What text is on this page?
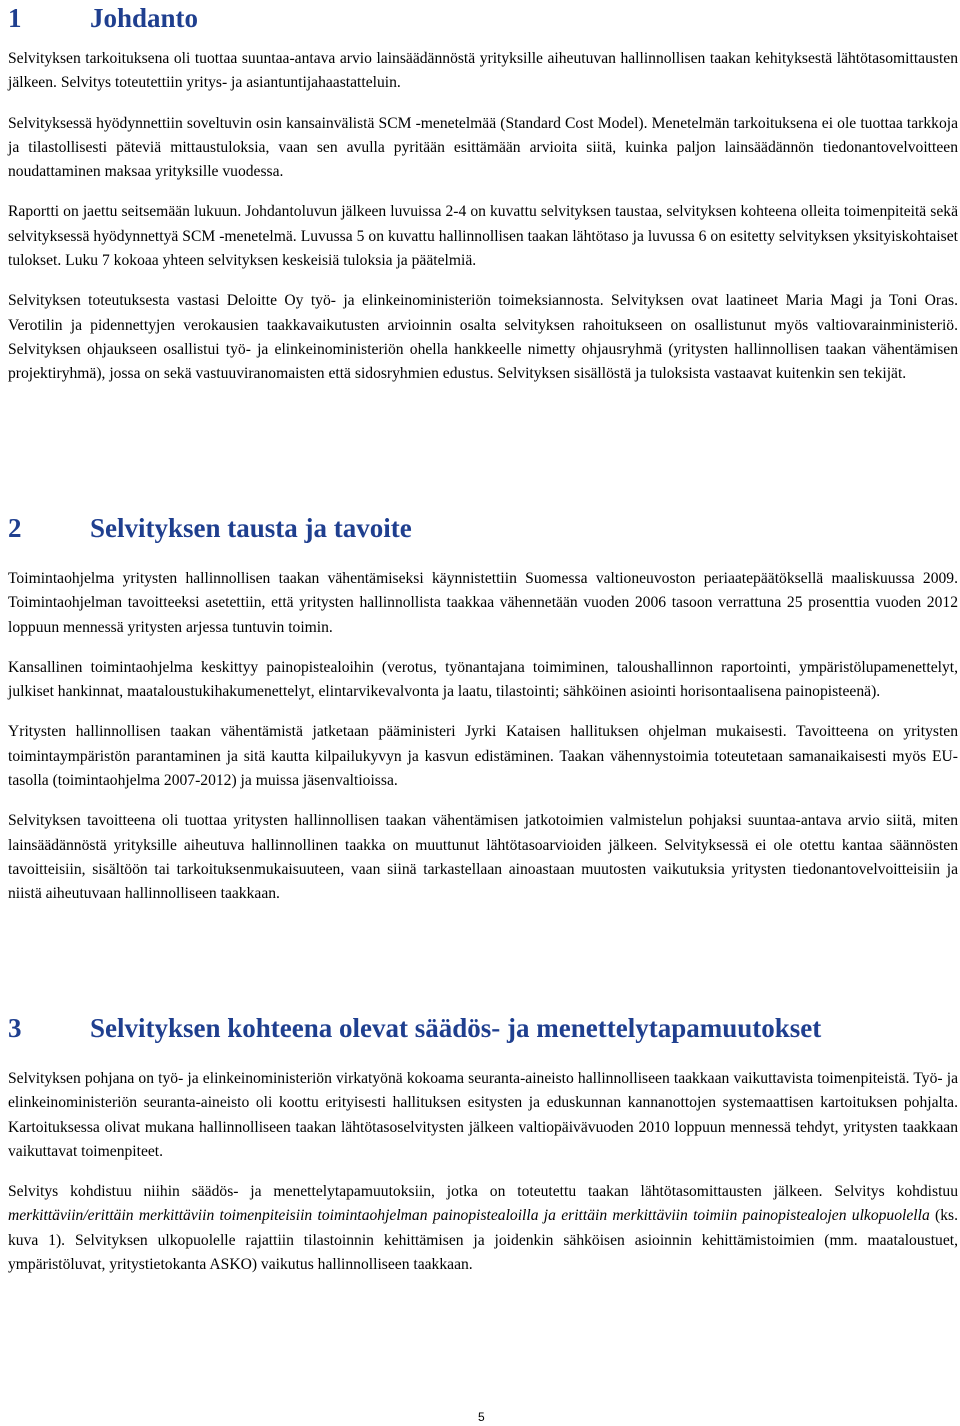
1	Johdanto

Selvityksen tarkoituksena oli tuottaa suuntaa-antava arvio lainsäädännöstä yrityksille aiheutuvan hallinnollisen taakan kehityksestä lähtötasomittausten jälkeen. Selvitys toteutettiin yritys- ja asiantuntijahaastatteluin.

Selvityksessä hyödynnettiin soveltuvin osin kansainvälistä SCM -menetelmää (Standard Cost Model). Menetelmän tarkoituksena ei ole tuottaa tarkkoja ja tilastollisesti päteviä mittaustuloksia, vaan sen avulla pyritään esittämään arvioita siitä, kuinka paljon lainsäädännön tiedonantovelvoitteen noudattaminen maksaa yrityksille vuodessa.

Raportti on jaettu seitsemään lukuun. Johdantoluvun jälkeen luvuissa 2-4 on kuvattu selvityksen taustaa, selvityksen kohteena olleita toimenpiteitä sekä selvityksessä hyödynnettyä SCM -menetelmä. Luvussa 5 on kuvattu hallinnollisen taakan lähtötaso ja luvussa 6 on esitetty selvityksen yksityiskohtaiset tulokset. Luku 7 kokoaa yhteen selvityksen keskeisiä tuloksia ja päätelmiä.

Selvityksen toteutuksesta vastasi Deloitte Oy työ- ja elinkeinoministeriön toimeksiannosta. Selvityksen ovat laatineet Maria Magi ja Toni Oras. Verotilin ja pidennettyjen verokausien taakkavaikutusten arvioinnin osalta selvityksen rahoitukseen on osallistunut myös valtiovarainministeriö. Selvityksen ohjaukseen osallistui työ- ja elinkeinoministeriön ohella hankkeelle nimetty ohjausryhmä (yritysten hallinnollisen taakan vähentämisen projektiryhmä), jossa on sekä vastuuviranomaisten että sidosryhmien edustus. Selvityksen sisällöstä ja tuloksista vastaavat kuitenkin sen tekijät.

2	Selvityksen tausta ja tavoite

Toimintaohjelma yritysten hallinnollisen taakan vähentämiseksi käynnistettiin Suomessa valtioneuvoston periaatepäätöksellä maaliskuussa 2009. Toimintaohjelman tavoitteeksi asetettiin, että yritysten hallinnollista taakkaa vähennetään vuoden 2006 tasoon verrattuna 25 prosenttia vuoden 2012 loppuun mennessä yritysten arjessa tuntuvin toimin.

Kansallinen toimintaohjelma keskittyy painopistealoihin (verotus, työnantajana toimiminen, taloushallinnon raportointi, ympäristölupamenettelyt, julkiset hankinnat, maataloustukihakumenettelyt, elintarvikevalvonta ja laatu, tilastointi; sähköinen asiointi horisontaalisena painopisteenä).

Yritysten hallinnollisen taakan vähentämistä jatketaan pääministeri Jyrki Kataisen hallituksen ohjelman mukaisesti. Tavoitteena on yritysten toimintaympäristön parantaminen ja sitä kautta kilpailukyvyn ja kasvun edistäminen. Taakan vähennystoimia toteutetaan samanaikaisesti myös EU-tasolla (toimintaohjelma 2007-2012) ja muissa jäsenvaltioissa.

Selvityksen tavoitteena oli tuottaa yritysten hallinnollisen taakan vähentämisen jatkotoimien valmistelun pohjaksi suuntaa-antava arvio siitä, miten lainsäädännöstä yrityksille aiheutuva hallinnollinen taakka on muuttunut lähtötasoarvioiden jälkeen. Selvityksessä ei ole otettu kantaa säännösten tavoitteisiin, sisältöön tai tarkoituksenmukaisuuteen, vaan siinä tarkastellaan ainoastaan muutosten vaikutuksia yritysten tiedonantovelvoitteisiin ja niistä aiheutuvaan hallinnolliseen taakkaan.

3	Selvityksen kohteena olevat säädös- ja menettelytapamuutokset

Selvityksen pohjana on työ- ja elinkeinoministeriön virkatyönä kokoama seuranta-aineisto hallinnolliseen taakkaan vaikuttavista toimenpiteistä. Työ- ja elinkeinoministeriön seuranta-aineisto oli koottu erityisesti hallituksen esitysten ja eduskunnan kannanottojen systemaattisen kartoituksen pohjalta. Kartoituksessa olivat mukana hallinnolliseen taakan lähtötasoselvitysten jälkeen valtiopäivävuoden 2010 loppuun mennessä tehdyt, yritysten taakkaan vaikuttavat toimenpiteet.

Selvitys kohdistuu niihin säädös- ja menettelytapamuutoksiin, jotka on toteutettu taakan lähtötasomittausten jälkeen. Selvitys kohdistuu merkittäviin/erittäin merkittäviin toimenpiteisiin toimintaohjelman painopistealoilla ja erittäin merkittäviin toimiin painopistealojen ulkopuolella (ks. kuva 1). Selvityksen ulkopuolelle rajattiin tilastoinnin kehittämisen ja joidenkin sähköisen asioinnin kehittämistoimien (mm. maataloustuet, ympäristöluvat, yritystietokanta ASKO) vaikutus hallinnolliseen taakkaan.

5
